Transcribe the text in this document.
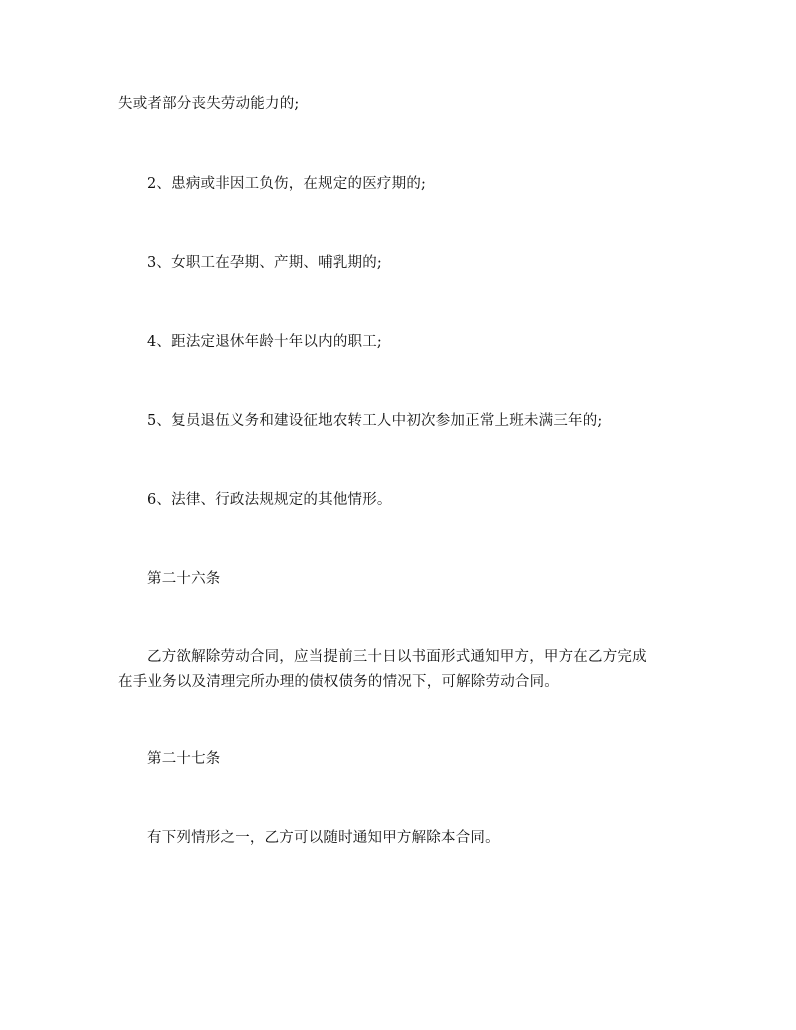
失或者部分丧失劳动能力的;
2、患病或非因工负伤，在规定的医疗期的;
3、女职工在孕期、产期、哺乳期的;
4、距法定退休年龄十年以内的职工;
5、复员退伍义务和建设征地农转工人中初次参加正常上班未满三年的;
6、法律、行政法规规定的其他情形。
第二十六条
乙方欲解除劳动合同，应当提前三十日以书面形式通知甲方，甲方在乙方完成
在手业务以及清理完所办理的债权债务的情况下，可解除劳动合同。
第二十七条
有下列情形之一，乙方可以随时通知甲方解除本合同。
